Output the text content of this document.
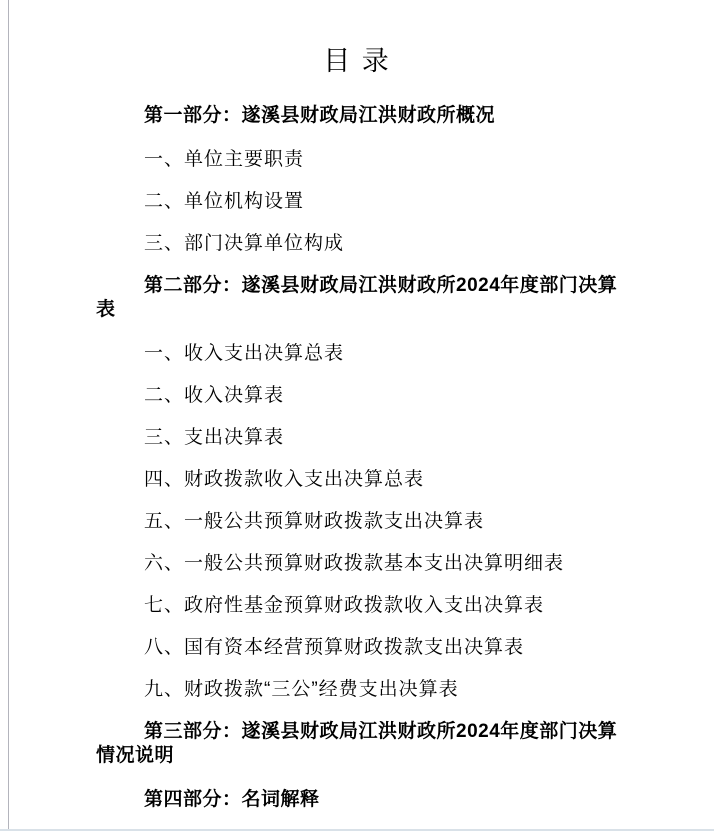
目 录

第一部分：遂溪县财政局江洪财政所概况

一、单位主要职责

二、单位机构设置

三、部门决算单位构成

第二部分：遂溪县财政局江洪财政所2024年度部门决算表

一、收入支出决算总表

二、收入决算表

三、支出决算表

四、财政拨款收入支出决算总表

五、一般公共预算财政拨款支出决算表

六、一般公共预算财政拨款基本支出决算明细表

七、政府性基金预算财政拨款收入支出决算表

八、国有资本经营预算财政拨款支出决算表

九、财政拨款“三公”经费支出决算表

第三部分：遂溪县财政局江洪财政所2024年度部门决算情况说明

第四部分：名词解释
